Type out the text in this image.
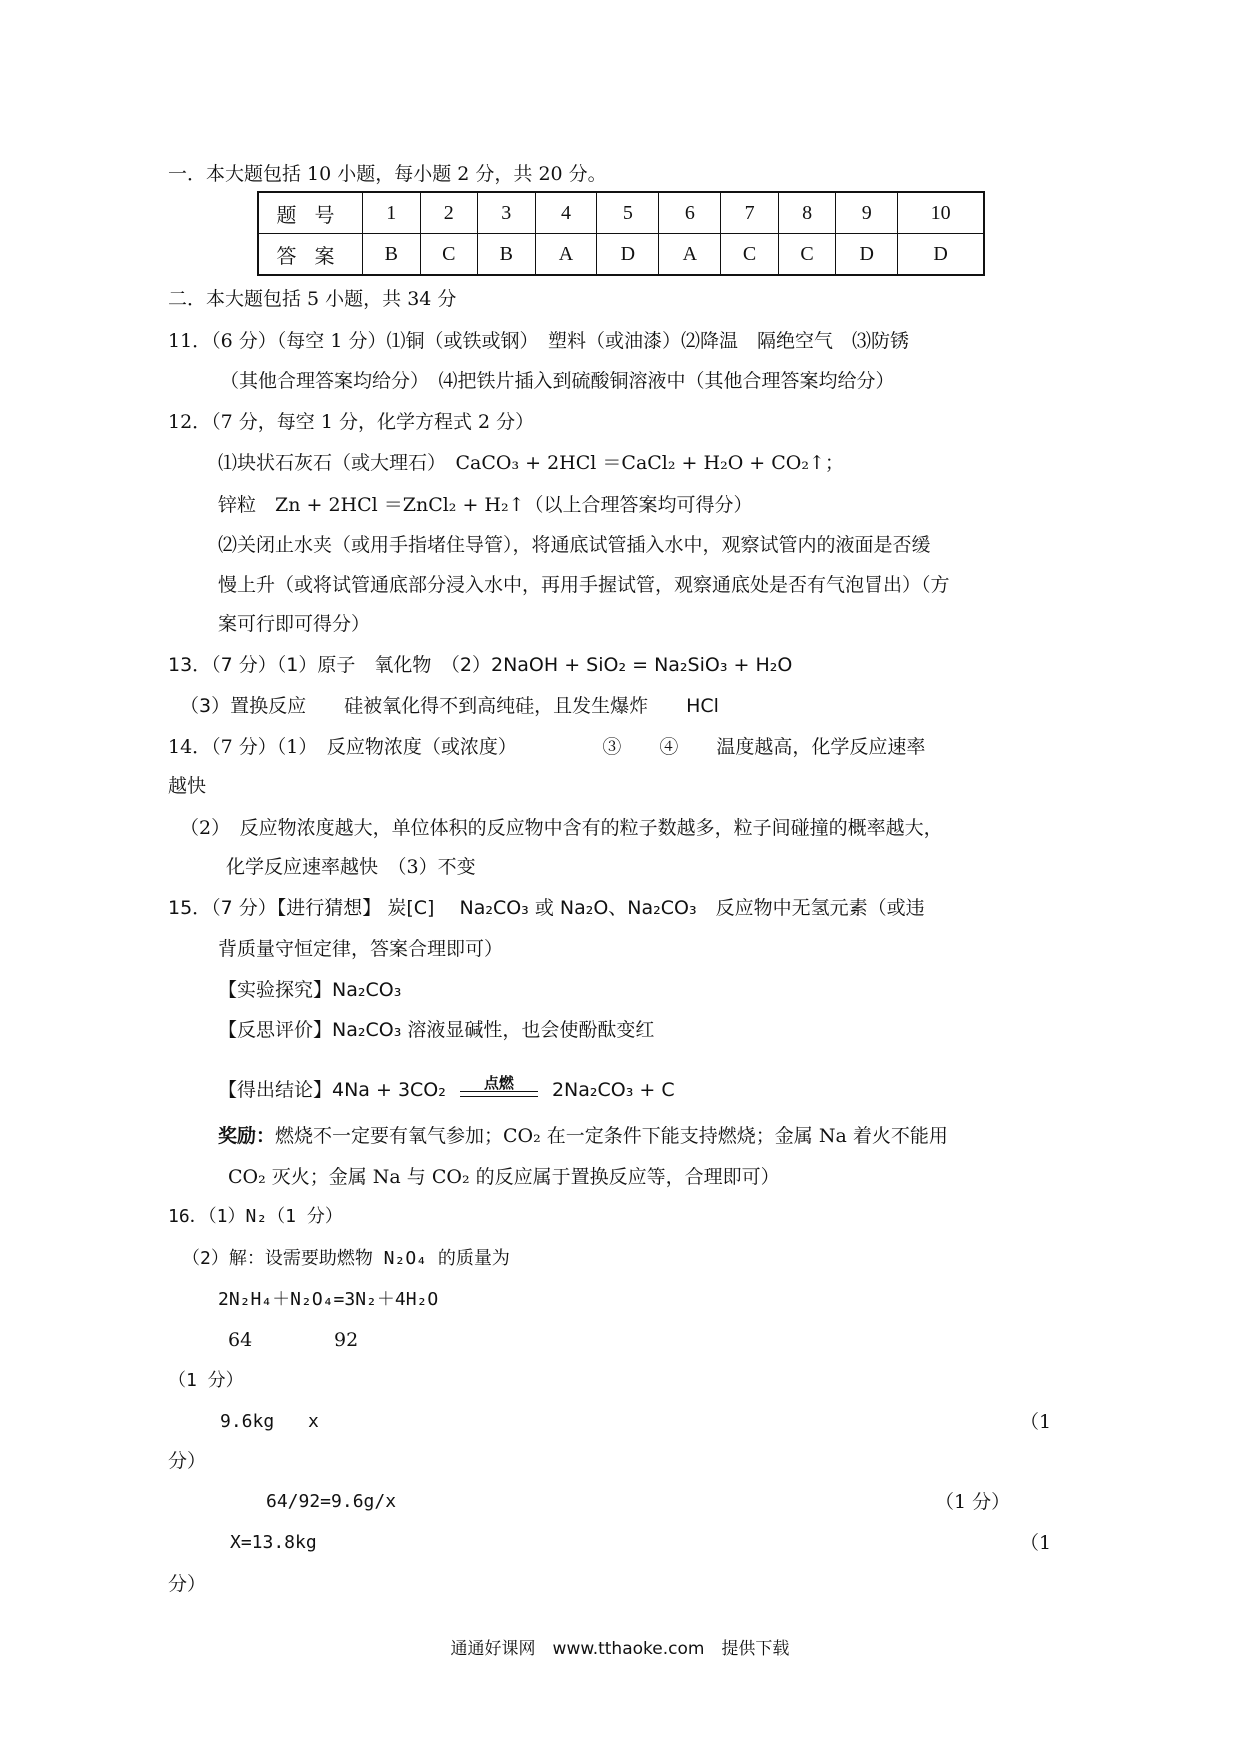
一．本大题包括 10 小题，每小题 2 分，共 20 分。
题号	1	2	3	4	5	6	7	8	9	10
答案	B	C	B	A	D	A	C	C	D	D
二．本大题包括 5 小题，共 34 分
11．（6 分）（每空 1 分）⑴铜（或铁或钢）　塑料（或油漆）⑵降温　隔绝空气　⑶防锈
（其他合理答案均给分）　⑷把铁片插入到硫酸铜溶液中（其他合理答案均给分）
12．（7 分，每空 1 分，化学方程式 2 分）
⑴块状石灰石（或大理石）　CaCO₃ + 2HCl ＝CaCl₂ + H₂O + CO₂↑；
锌粒　Zn + 2HCl ＝ZnCl₂ + H₂↑（以上合理答案均可得分）
⑵关闭止水夹（或用手指堵住导管），将通底试管插入水中，观察试管内的液面是否缓
慢上升（或将试管通底部分浸入水中，再用手握试管，观察通底处是否有气泡冒出）（方
案可行即可得分）
13．（7 分）（1）原子　氧化物　（2）2NaOH + SiO₂ = Na₂SiO₃ + H₂O
（3）置换反应　　硅被氧化得不到高纯硅，且发生爆炸　　HCl
14．（7 分）（1）　反应物浓度（或浓度）　　　　　③　　④　　温度越高，化学反应速率
越快
（2）　反应物浓度越大，单位体积的反应物中含有的粒子数越多，粒子间碰撞的概率越大，
化学反应速率越快　（3）不变
15．（7 分）【进行猜想】 炭[C]　 Na₂CO₃ 或 Na₂O、Na₂CO₃　反应物中无氢元素（或违
背质量守恒定律，答案合理即可）
【实验探究】Na₂CO₃
【反思评价】Na₂CO₃ 溶液显碱性，也会使酚酞变红
【得出结论】4Na + 3CO₂	点燃	2Na₂CO₃ + C
奖励：燃烧不一定要有氧气参加；CO₂ 在一定条件下能支持燃烧；金属 Na 着火不能用
CO₂ 灭火；金属 Na 与 CO₂ 的反应属于置换反应等，合理即可）
16．（1）N₂（1 分）
（2）解：设需要助燃物 N₂O₄ 的质量为
2N₂H₄＋N₂O₄=3N₂＋4H₂O
64	92
（1 分）
9.6kg x	（1
分）
64/92=9.6g/x	（1 分）
X=13.8kg	（1
分）
通通好课网　www.tthaoke.com　提供下载
